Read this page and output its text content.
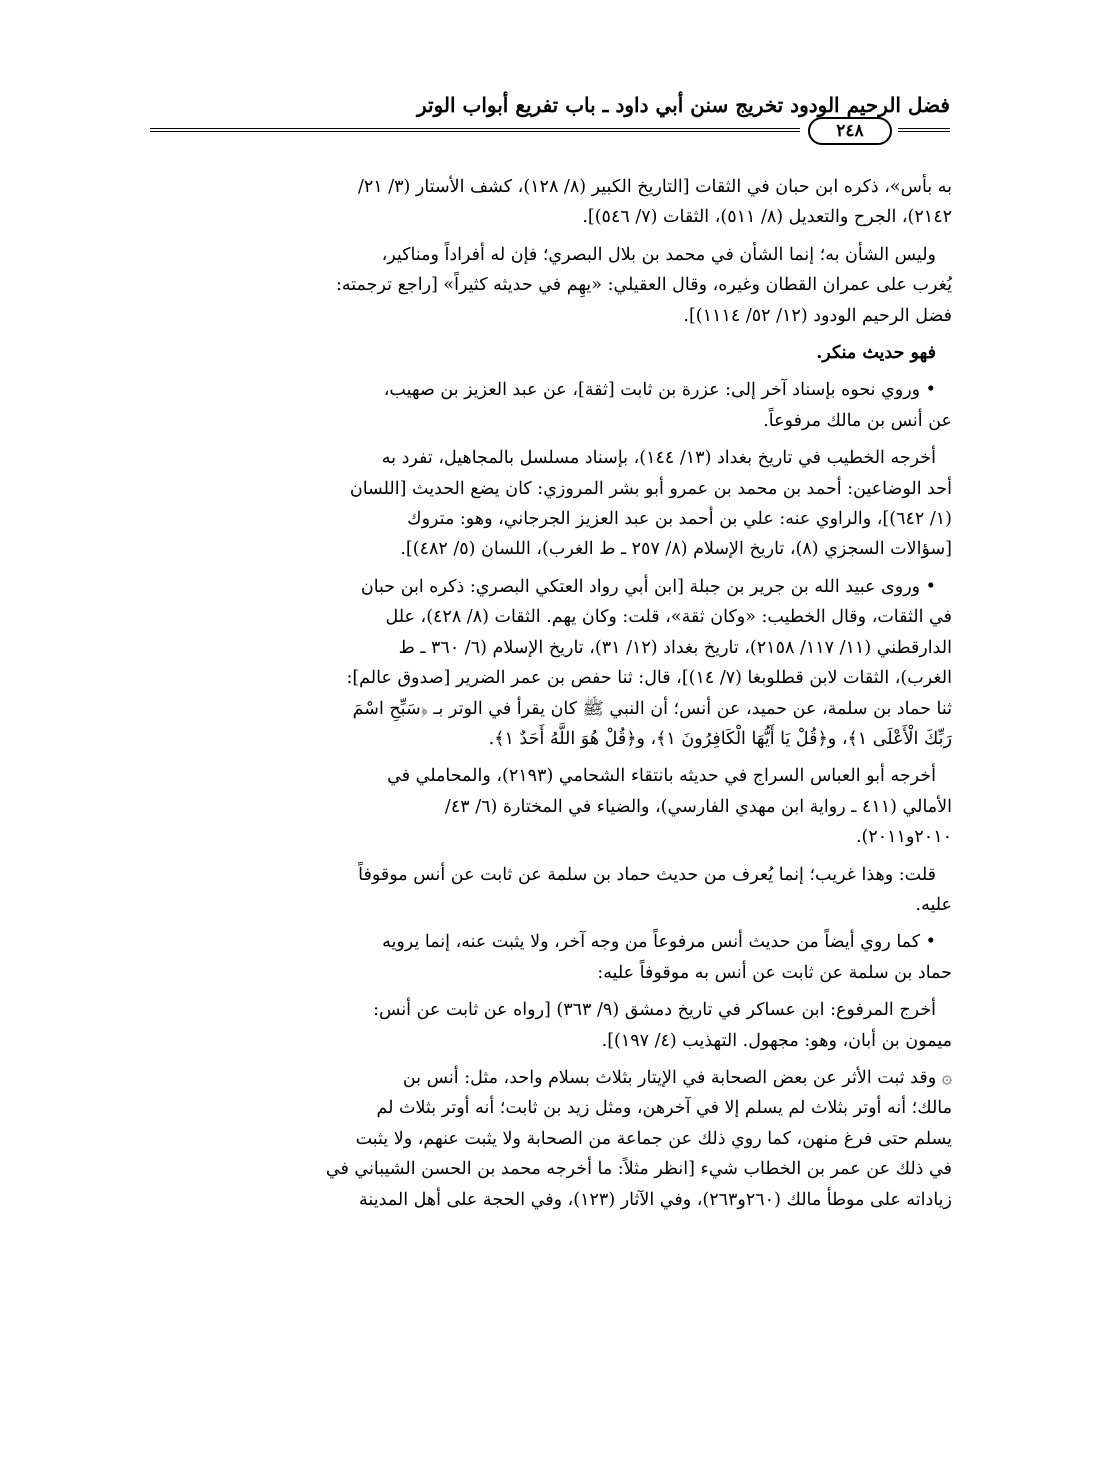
فضل الرحيم الودود تخريج سنن أبي داود ـ باب تفريع أبواب الوتر
٢٤٨

به بأس»، ذكره ابن حبان في الثقات [التاريخ الكبير (٨/ ١٢٨)، كشف الأستار (٣/ ٢١/
٢١٤٢)، الجرح والتعديل (٨/ ٥١١)، الثقات (٧/ ٥٤٦)].

وليس الشأن به؛ إنما الشأن في محمد بن بلال البصري؛ فإن له أفراداً ومناكير،
يُغرب على عمران القطان وغيره، وقال العقيلي: «يهِم في حديثه كثيراً» [راجع ترجمته:
فضل الرحيم الودود (١٢/ ٥٢/ ١١١٤)].

فهو حديث منكر.

• وروي نحوه بإسناد آخر إلى: عزرة بن ثابت [ثقة]، عن عبد العزيز بن صهيب،
عن أنس بن مالك مرفوعاً.

أخرجه الخطيب في تاريخ بغداد (١٣/ ١٤٤)، بإسناد مسلسل بالمجاهيل، تفرد به
أحد الوضاعين: أحمد بن محمد بن عمرو أبو بشر المروزي: كان يضع الحديث [اللسان
(١/ ٦٤٢)]، والراوي عنه: علي بن أحمد بن عبد العزيز الجرجاني، وهو: متروك
[سؤالات السجزي (٨)، تاريخ الإسلام (٨/ ٢٥٧ ـ ط الغرب)، اللسان (٥/ ٤٨٢)].

• وروى عبيد الله بن جرير بن جبلة [ابن أبي رواد العتكي البصري: ذكره ابن حبان
في الثقات، وقال الخطيب: «وكان ثقة»، قلت: وكان يهم. الثقات (٨/ ٤٢٨)، علل
الدارقطني (١١/ ١١٧/ ٢١٥٨)، تاريخ بغداد (١٢/ ٣١)، تاريخ الإسلام (٦/ ٣٦٠ ـ ط
الغرب)، الثقات لابن قطلوبغا (٧/ ١٤)]، قال: ثنا حفص بن عمر الضرير [صدوق عالم]:
ثنا حماد بن سلمة، عن حميد، عن أنس؛ أن النبي ﷺ كان يقرأ في الوتر بـ ﴿سَبِّحِ اسْمَ
رَبِّكَ الْأَعْلَى ١﴾، و﴿قُلْ يَا أَيُّهَا الْكَافِرُونَ ١﴾، و﴿قُلْ هُوَ اللَّهُ أَحَدٌ ١﴾.

أخرجه أبو العباس السراج في حديثه بانتقاء الشحامي (٢١٩٣)، والمحاملي في
الأمالي (٤١١ ـ رواية ابن مهدي الفارسي)، والضياء في المختارة (٦/ ٤٣/
٢٠١٠و٢٠١١).

قلت: وهذا غريب؛ إنما يُعرف من حديث حماد بن سلمة عن ثابت عن أنس موقوفاً
عليه.

• كما روي أيضاً من حديث أنس مرفوعاً من وجه آخر، ولا يثبت عنه، إنما يرويه
حماد بن سلمة عن ثابت عن أنس به موقوفاً عليه:

أخرج المرفوع: ابن عساكر في تاريخ دمشق (٩/ ٣٦٣) [رواه عن ثابت عن أنس:
ميمون بن أبان، وهو: مجهول. التهذيب (٤/ ١٩٧)].

۞ وقد ثبت الأثر عن بعض الصحابة في الإيتار بثلاث بسلام واحد، مثل: أنس بن
مالك؛ أنه أوتر بثلاث لم يسلم إلا في آخرهن، ومثل زيد بن ثابت؛ أنه أوتر بثلاث لم
يسلم حتى فرغ منهن، كما روي ذلك عن جماعة من الصحابة ولا يثبت عنهم، ولا يثبت
في ذلك عن عمر بن الخطاب شيء [انظر مثلاً: ما أخرجه محمد بن الحسن الشيباني في
زياداته على موطأ مالك (٢٦٠و٢٦٣)، وفي الآثار (١٢٣)، وفي الحجة على أهل المدينة
